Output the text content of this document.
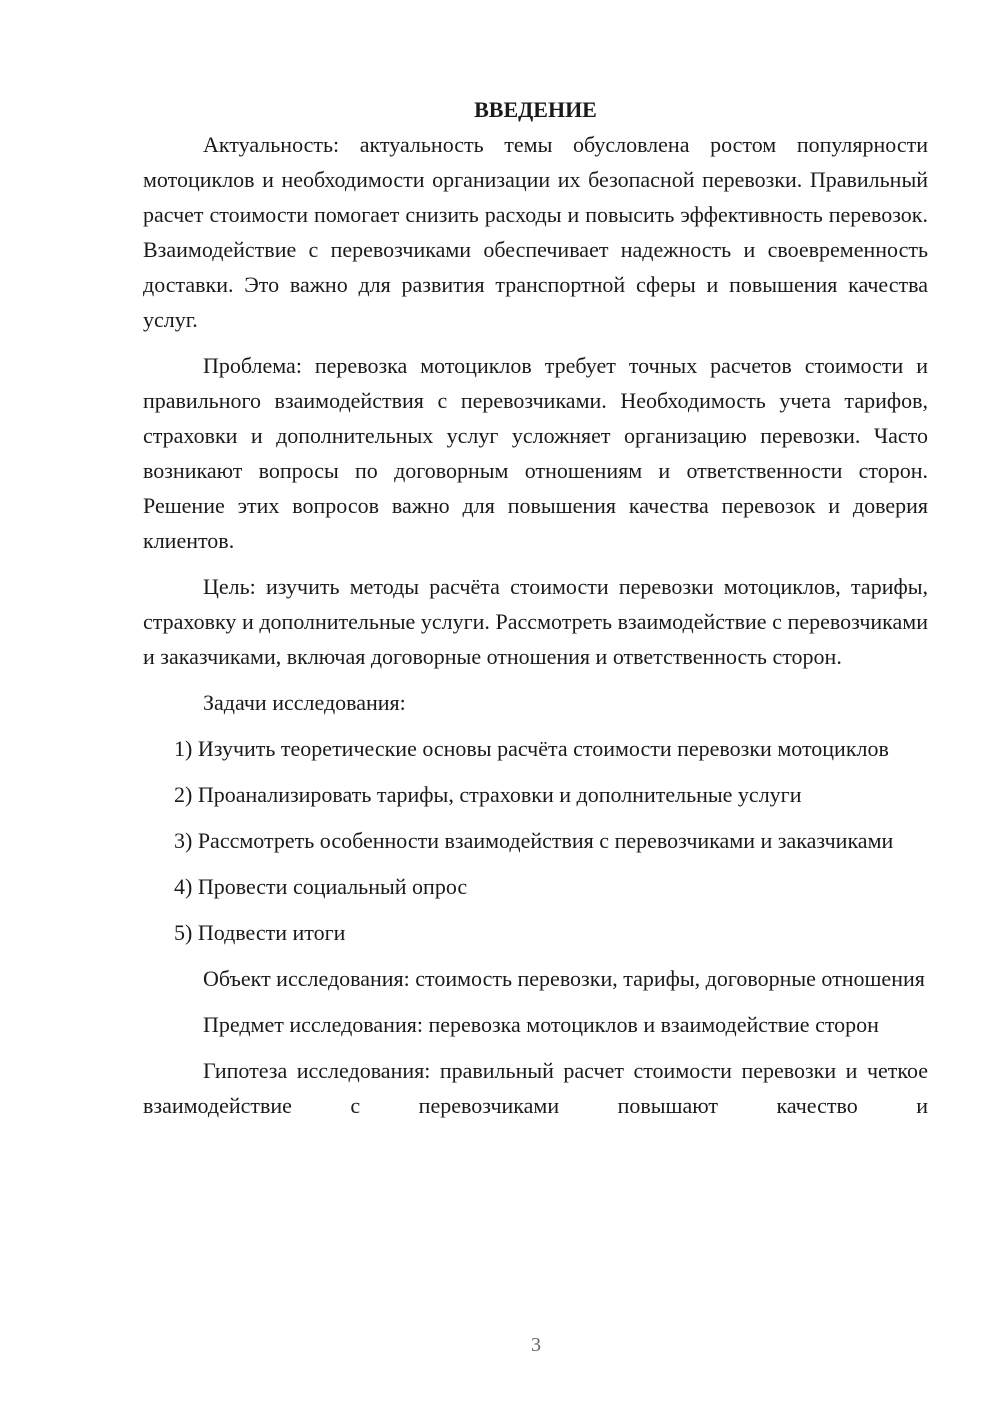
ВВЕДЕНИЕ

Актуальность: актуальность темы обусловлена ростом популярности мотоциклов и необходимости организации их безопасной перевозки. Правильный расчет стоимости помогает снизить расходы и повысить эффективность перевозок. Взаимодействие с перевозчиками обеспечивает надежность и своевременность доставки. Это важно для развития транспортной сферы и повышения качества услуг.

Проблема: перевозка мотоциклов требует точных расчетов стоимости и правильного взаимодействия с перевозчиками. Необходимость учета тарифов, страховки и дополнительных услуг усложняет организацию перевозки. Часто возникают вопросы по договорным отношениям и ответственности сторон. Решение этих вопросов важно для повышения качества перевозок и доверия клиентов.

Цель: изучить методы расчёта стоимости перевозки мотоциклов, тарифы, страховку и дополнительные услуги. Рассмотреть взаимодействие с перевозчиками и заказчиками, включая договорные отношения и ответственность сторон.

Задачи исследования:

1) Изучить теоретические основы расчёта стоимости перевозки мотоциклов

2) Проанализировать тарифы, страховки и дополнительные услуги

3) Рассмотреть особенности взаимодействия с перевозчиками и заказчиками

4) Провести социальный опрос

5) Подвести итоги

Объект исследования: стоимость перевозки, тарифы, договорные отношения

Предмет исследования: перевозка мотоциклов и взаимодействие сторон

Гипотеза исследования: правильный расчет стоимости перевозки и четкое взаимодействие с перевозчиками повышают качество и

3
